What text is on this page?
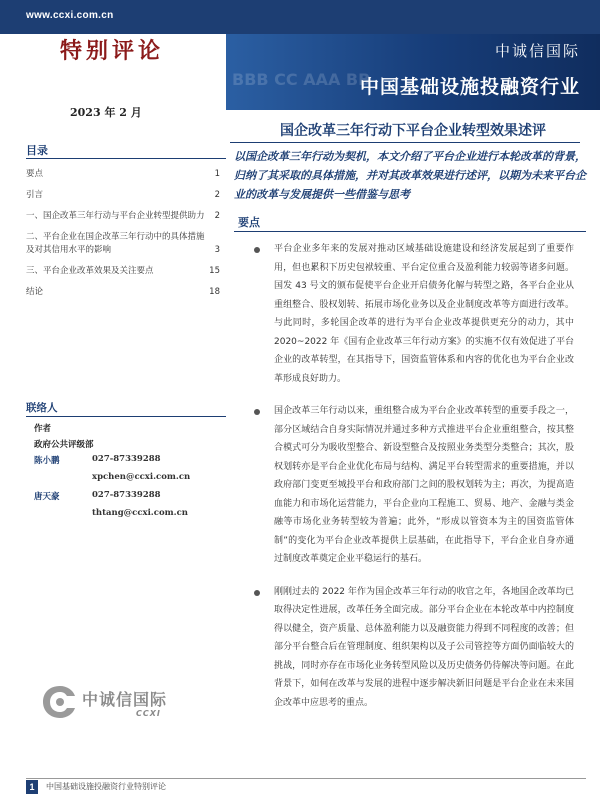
www.ccxi.com.cn
BBB CC AAA BB
中诚信国际
中国基础设施投融资行业
特别评论
2023 年 2 月
目录
要点	1
引言	2
一、国企改革三年行动与平台企业转型提供助力 2
二、平台企业在国企改革三年行动中的具体措施及对其信用水平的影响	3
三、平台企业改革效果及关注要点	15
结论	18
联络人
作者
政府公共评级部
陈小鹏	027-87339288
xpchen@ccxi.com.cn
唐天豪	027-87339288
thtang@ccxi.com.cn
中诚信国际
CCXI
国企改革三年行动下平台企业转型效果述评
以国企改革三年行动为契机，本文介绍了平台企业进行本轮改革的背景，归纳了其采取的具体措施，并对其改革效果进行述评，以期为未来平台企业的改革与发展提供一些借鉴与思考
要点
平台企业多年来的发展对推动区域基础设施建设和经济发展起到了重要作用，但也累积下历史包袱较重、平台定位重合及盈利能力较弱等诸多问题。国发 43 号文的颁布促使平台企业开启债务化解与转型之路，各平台企业从重组整合、股权划转、拓展市场化业务以及企业制度改革等方面进行改革。与此同时，多轮国企改革的进行为平台企业改革提供更充分的动力，其中 2020~2022 年《国有企业改革三年行动方案》的实施不仅有效促进了平台企业的改革转型，在其指导下，国资监管体系和内容的优化也为平台企业改革形成良好助力。
国企改革三年行动以来，重组整合成为平台企业改革转型的重要手段之一，部分区域结合自身实际情况并通过多种方式推进平台企业重组整合，按其整合模式可分为吸收型整合、新设型整合及按照业务类型分类整合；其次，股权划转亦是平台企业优化布局与结构、满足平台转型需求的重要措施，并以政府部门变更至城投平台和政府部门之间的股权划转为主；再次，为提高造血能力和市场化运营能力，平台企业向工程施工、贸易、地产、金融与类金融等市场化业务转型较为普遍；此外，“形成以管资本为主的国资监管体制”的变化为平台企业改革提供上层基础，在此指导下，平台企业自身亦通过制度改革奠定企业平稳运行的基石。
刚刚过去的 2022 年作为国企改革三年行动的收官之年，各地国企改革均已取得决定性进展，改革任务全面完成。部分平台企业在本轮改革中内控制度得以健全，资产质量、总体盈利能力以及融资能力得到不同程度的改善；但部分平台整合后在管理制度、组织架构以及子公司管控等方面仍面临较大的挑战，同时亦存在市场化业务转型风险以及历史债务仍待解决等问题。在此背景下，如何在改革与发展的进程中逐步解决新旧问题是平台企业在未来国企改革中应思考的重点。
1	中国基础设施投融资行业特别评论
